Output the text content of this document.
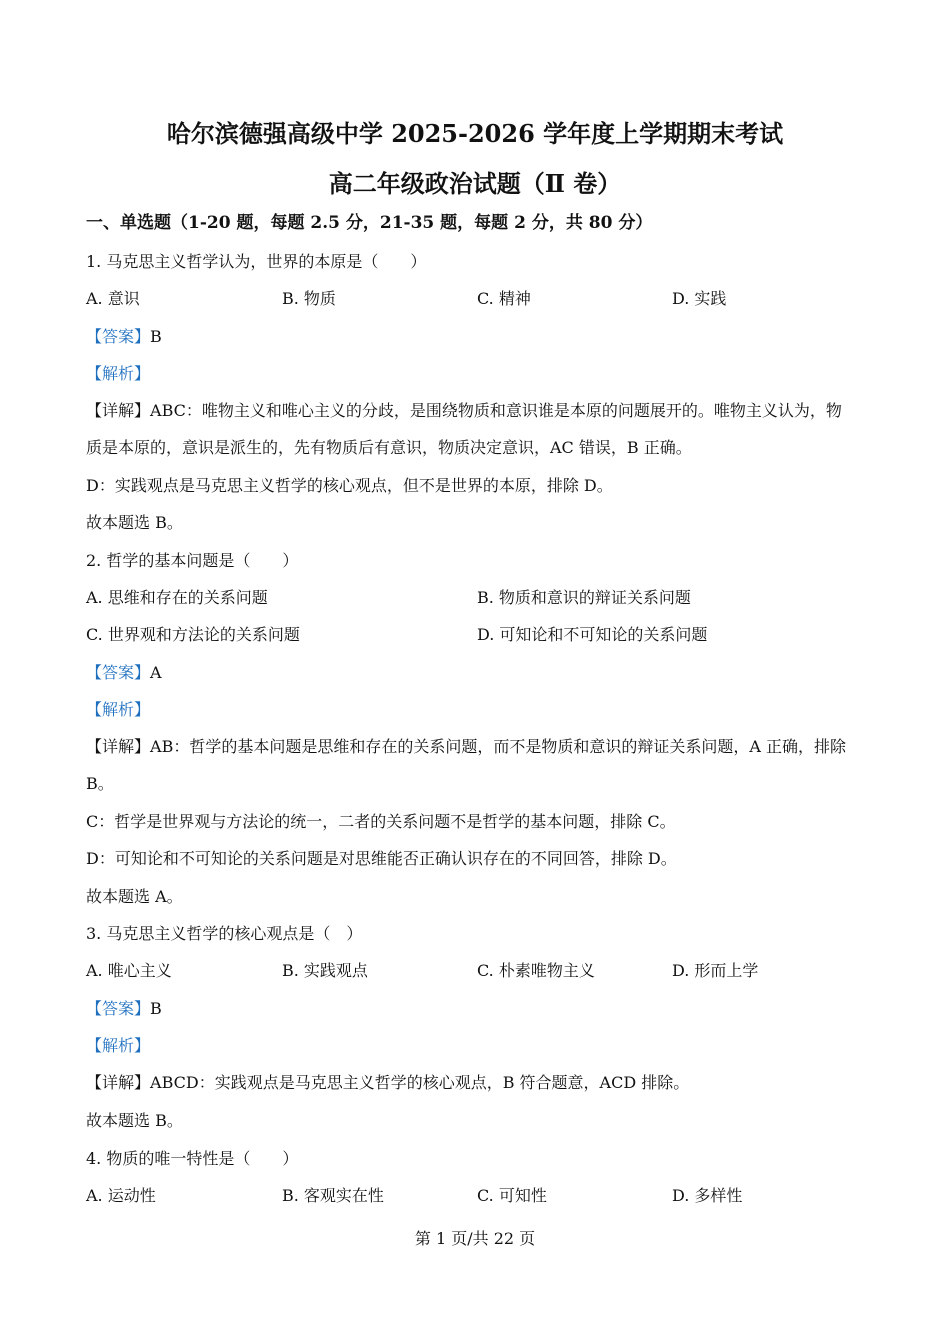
哈尔滨德强高级中学 2025-2026 学年度上学期期末考试
高二年级政治试题（Ⅱ 卷）
一、单选题（1-20 题，每题 2.5 分，21-35 题，每题 2 分，共 80 分）
1. 马克思主义哲学认为，世界的本原是（　　）
A. 意识	B. 物质	C. 精神	D. 实践
【答案】B
【解析】
【详解】ABC：唯物主义和唯心主义的分歧，是围绕物质和意识谁是本原的问题展开的。唯物主义认为，物
质是本原的，意识是派生的，先有物质后有意识，物质决定意识，AC 错误，B 正确。
D：实践观点是马克思主义哲学的核心观点，但不是世界的本原，排除 D。
故本题选 B。
2. 哲学的基本问题是（　　）
A. 思维和存在的关系问题	B. 物质和意识的辩证关系问题
C. 世界观和方法论的关系问题	D. 可知论和不可知论的关系问题
【答案】A
【解析】
【详解】AB：哲学的基本问题是思维和存在的关系问题，而不是物质和意识的辩证关系问题，A 正确，排除
B。
C：哲学是世界观与方法论的统一，二者的关系问题不是哲学的基本问题，排除 C。
D：可知论和不可知论的关系问题是对思维能否正确认识存在的不同回答，排除 D。
故本题选 A。
3. 马克思主义哲学的核心观点是（　）
A. 唯心主义	B. 实践观点	C. 朴素唯物主义	D. 形而上学
【答案】B
【解析】
【详解】ABCD：实践观点是马克思主义哲学的核心观点，B 符合题意，ACD 排除。
故本题选 B。
4. 物质的唯一特性是（　　）
A. 运动性	B. 客观实在性	C. 可知性	D. 多样性
第 1 页/共 22 页
